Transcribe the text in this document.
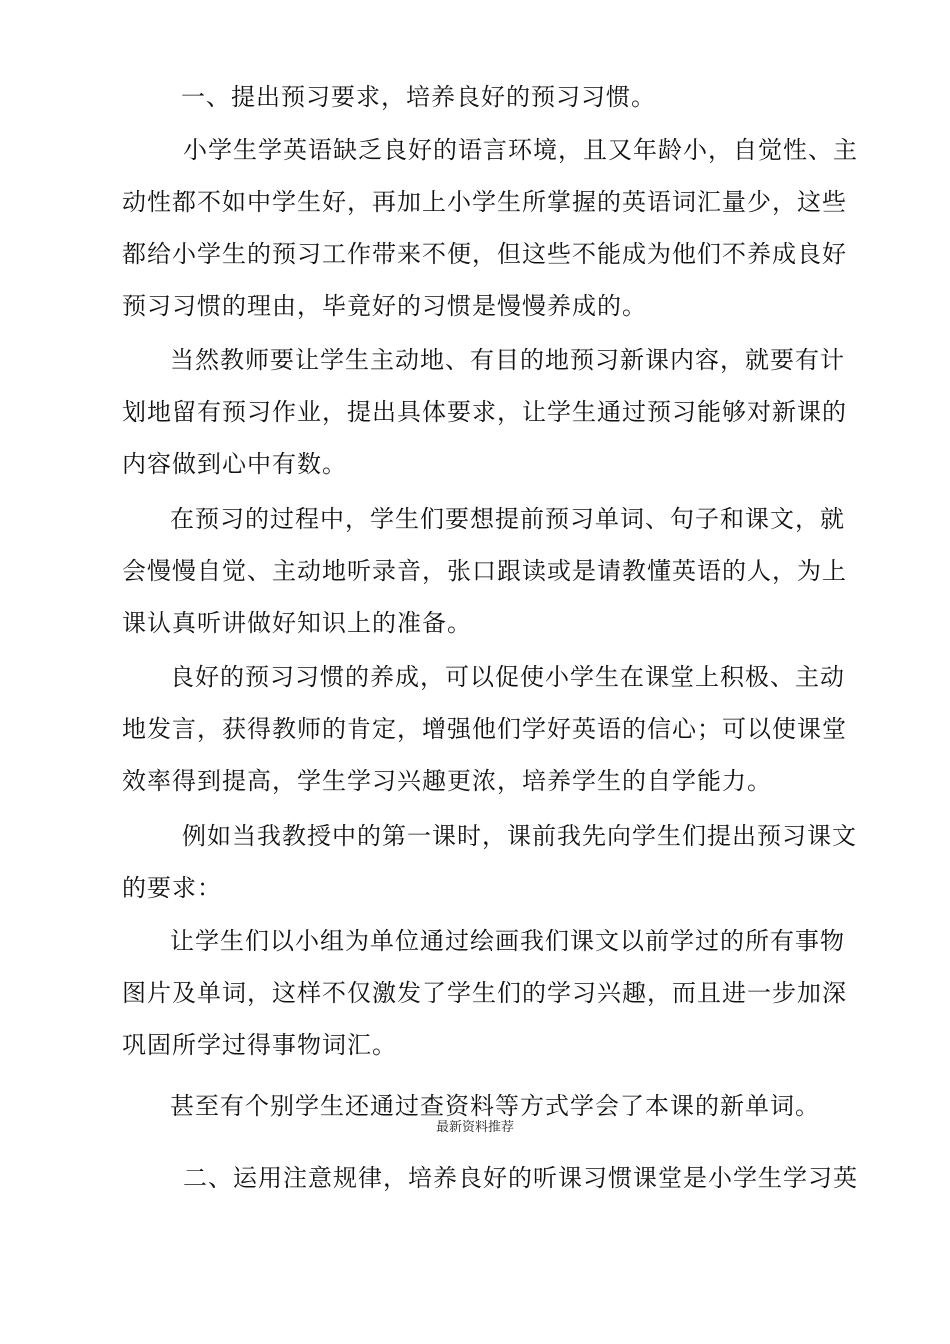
一、提出预习要求，培养良好的预习习惯。
小学生学英语缺乏良好的语言环境，且又年龄小，自觉性、主
动性都不如中学生好，再加上小学生所掌握的英语词汇量少，这些
都给小学生的预习工作带来不便，但这些不能成为他们不养成良好
预习习惯的理由，毕竟好的习惯是慢慢养成的。
当然教师要让学生主动地、有目的地预习新课内容，就要有计
划地留有预习作业，提出具体要求，让学生通过预习能够对新课的
内容做到心中有数。
在预习的过程中，学生们要想提前预习单词、句子和课文，就
会慢慢自觉、主动地听录音，张口跟读或是请教懂英语的人，为上
课认真听讲做好知识上的准备。
良好的预习习惯的养成，可以促使小学生在课堂上积极、主动
地发言，获得教师的肯定，增强他们学好英语的信心；可以使课堂
效率得到提高，学生学习兴趣更浓，培养学生的自学能力。
例如当我教授中的第一课时，课前我先向学生们提出预习课文
的要求：
让学生们以小组为单位通过绘画我们课文以前学过的所有事物
图片及单词，这样不仅激发了学生们的学习兴趣，而且进一步加深
巩固所学过得事物词汇。
甚至有个别学生还通过查资料等方式学会了本课的新单词。
最新资料推荐
二、运用注意规律，培养良好的听课习惯课堂是小学生学习英
